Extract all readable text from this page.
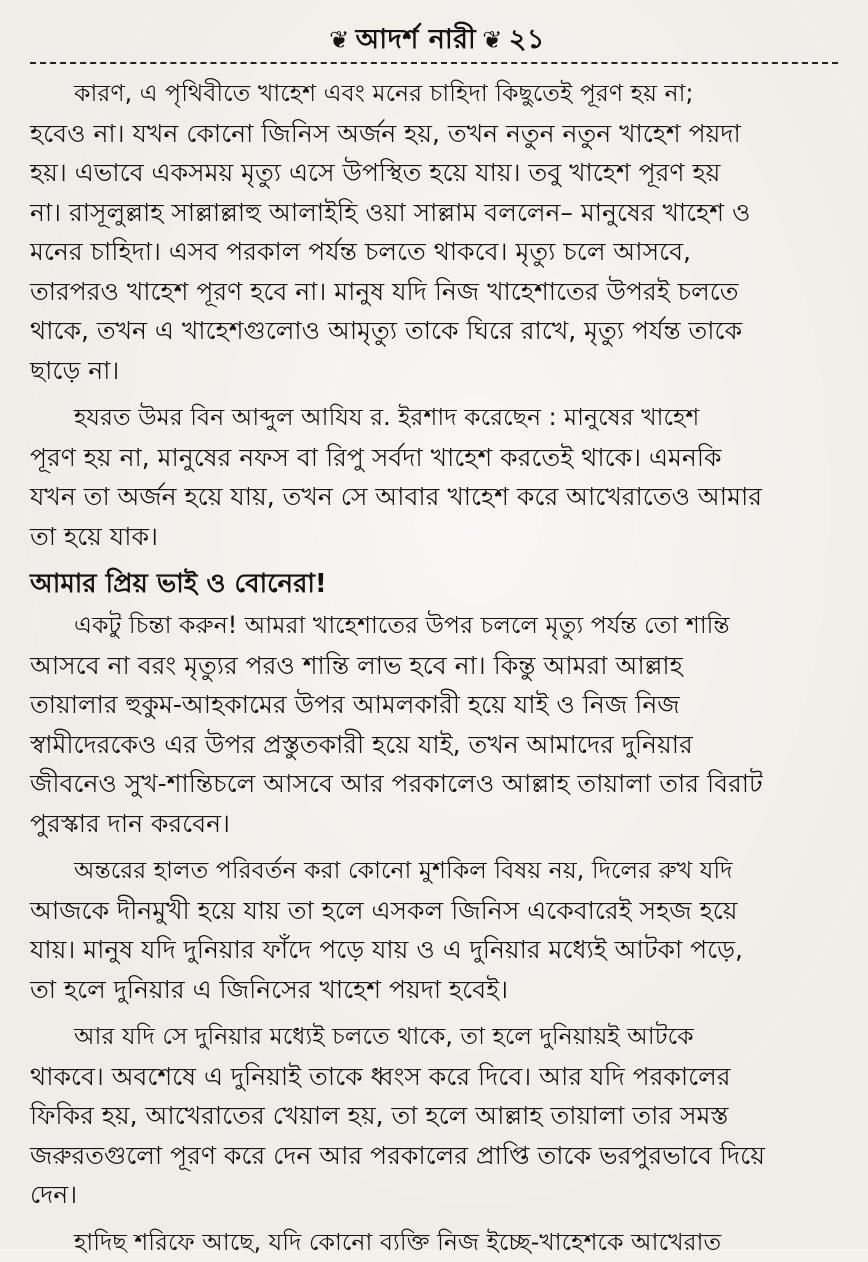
❦ আদর্শ নারী ❦ ২১
কারণ, এ পৃথিবীতে খাহেশ এবং মনের চাহিদা কিছুতেই পূরণ হয় না;
হবেও না। যখন কোনো জিনিস অর্জন হয়, তখন নতুন নতুন খাহেশ পয়দা
হয়। এভাবে একসময় মৃত্যু এসে উপস্থিত হয়ে যায়। তবু খাহেশ পূরণ হয়
না। রাসূলুল্লাহ সাল্লাল্লাহু আলাইহি ওয়া সাল্লাম বললেন– মানুষের খাহেশ ও
মনের চাহিদা। এসব পরকাল পর্যন্ত চলতে থাকবে। মৃত্যু চলে আসবে,
তারপরও খাহেশ পূরণ হবে না। মানুষ যদি নিজ খাহেশাতের উপরই চলতে
থাকে, তখন এ খাহেশগুলোও আমৃত্যু তাকে ঘিরে রাখে, মৃত্যু পর্যন্ত তাকে
ছাড়ে না।
হযরত উমর বিন আব্দুল আযিয র. ইরশাদ করেছেন : মানুষের খাহেশ
পূরণ হয় না, মানুষের নফস বা রিপু সর্বদা খাহেশ করতেই থাকে। এমনকি
যখন তা অর্জন হয়ে যায়, তখন সে আবার খাহেশ করে আখেরাতেও আমার
তা হয়ে যাক।
আমার প্রিয় ভাই ও বোনেরা!
একটু চিন্তা করুন! আমরা খাহেশাতের উপর চললে মৃত্যু পর্যন্ত তো শান্তি
আসবে না বরং মৃত্যুর পরও শান্তি লাভ হবে না। কিন্তু আমরা আল্লাহ
তায়ালার হুকুম-আহকামের উপর আমলকারী হয়ে যাই ও নিজ নিজ
স্বামীদেরকেও এর উপর প্রস্তুতকারী হয়ে যাই, তখন আমাদের দুনিয়ার
জীবনেও সুখ-শান্তিচলে আসবে আর পরকালেও আল্লাহ তায়ালা তার বিরাট
পুরস্কার দান করবেন।
অন্তরের হালত পরিবর্তন করা কোনো মুশকিল বিষয় নয়, দিলের রুখ যদি
আজকে দীনমুখী হয়ে যায় তা হলে এসকল জিনিস একেবারেই সহজ হয়ে
যায়। মানুষ যদি দুনিয়ার ফাঁদে পড়ে যায় ও এ দুনিয়ার মধ্যেই আটকা পড়ে,
তা হলে দুনিয়ার এ জিনিসের খাহেশ পয়দা হবেই।
আর যদি সে দুনিয়ার মধ্যেই চলতে থাকে, তা হলে দুনিয়ায়ই আটকে
থাকবে। অবশেষে এ দুনিয়াই তাকে ধ্বংস করে দিবে। আর যদি পরকালের
ফিকির হয়, আখেরাতের খেয়াল হয়, তা হলে আল্লাহ তায়ালা তার সমস্ত
জরুরতগুলো পূরণ করে দেন আর পরকালের প্রাপ্তি তাকে ভরপুরভাবে দিয়ে
দেন।
হাদিছ শরিফে আছে, যদি কোনো ব্যক্তি নিজ ইচ্ছে-খাহেশকে আখেরাত
